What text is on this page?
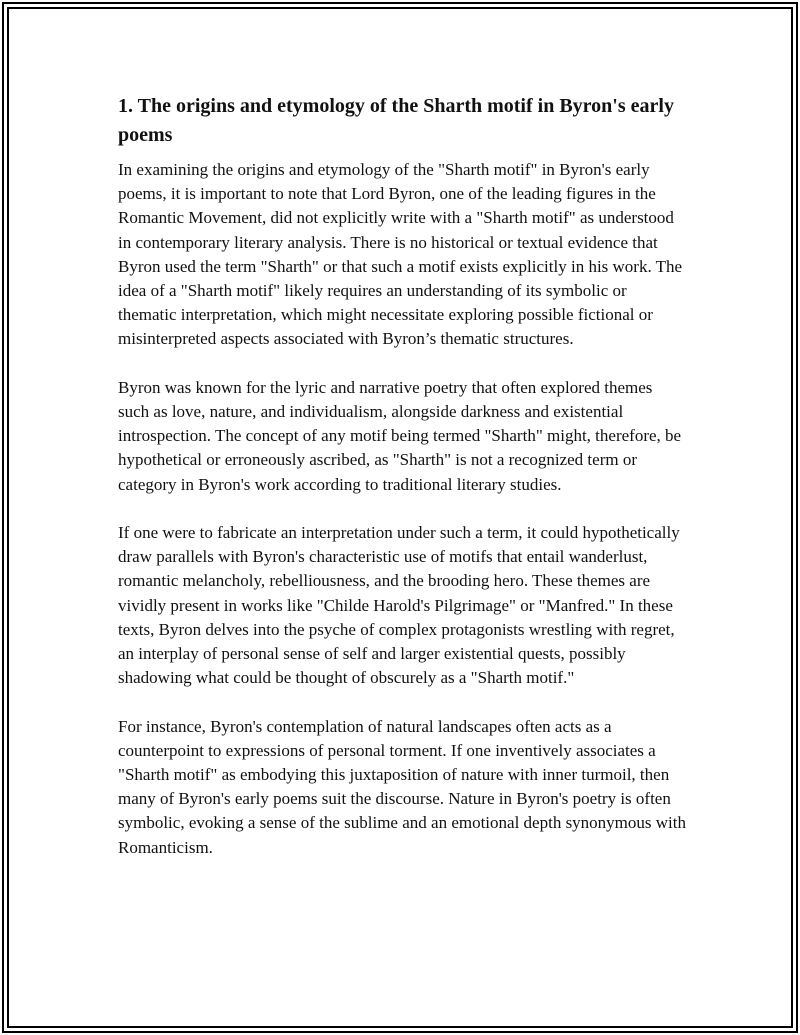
1. The origins and etymology of the Sharth motif in Byron's early poems

In examining the origins and etymology of the "Sharth motif" in Byron's early poems, it is important to note that Lord Byron, one of the leading figures in the Romantic Movement, did not explicitly write with a "Sharth motif" as understood in contemporary literary analysis. There is no historical or textual evidence that Byron used the term "Sharth" or that such a motif exists explicitly in his work. The idea of a "Sharth motif" likely requires an understanding of its symbolic or thematic interpretation, which might necessitate exploring possible fictional or misinterpreted aspects associated with Byron’s thematic structures.

Byron was known for the lyric and narrative poetry that often explored themes such as love, nature, and individualism, alongside darkness and existential introspection. The concept of any motif being termed "Sharth" might, therefore, be hypothetical or erroneously ascribed, as "Sharth" is not a recognized term or category in Byron's work according to traditional literary studies.

If one were to fabricate an interpretation under such a term, it could hypothetically draw parallels with Byron's characteristic use of motifs that entail wanderlust, romantic melancholy, rebelliousness, and the brooding hero. These themes are vividly present in works like "Childe Harold's Pilgrimage" or "Manfred." In these texts, Byron delves into the psyche of complex protagonists wrestling with regret, an interplay of personal sense of self and larger existential quests, possibly shadowing what could be thought of obscurely as a "Sharth motif."

For instance, Byron's contemplation of natural landscapes often acts as a counterpoint to expressions of personal torment. If one inventively associates a "Sharth motif" as embodying this juxtaposition of nature with inner turmoil, then many of Byron's early poems suit the discourse. Nature in Byron's poetry is often symbolic, evoking a sense of the sublime and an emotional depth synonymous with Romanticism.
